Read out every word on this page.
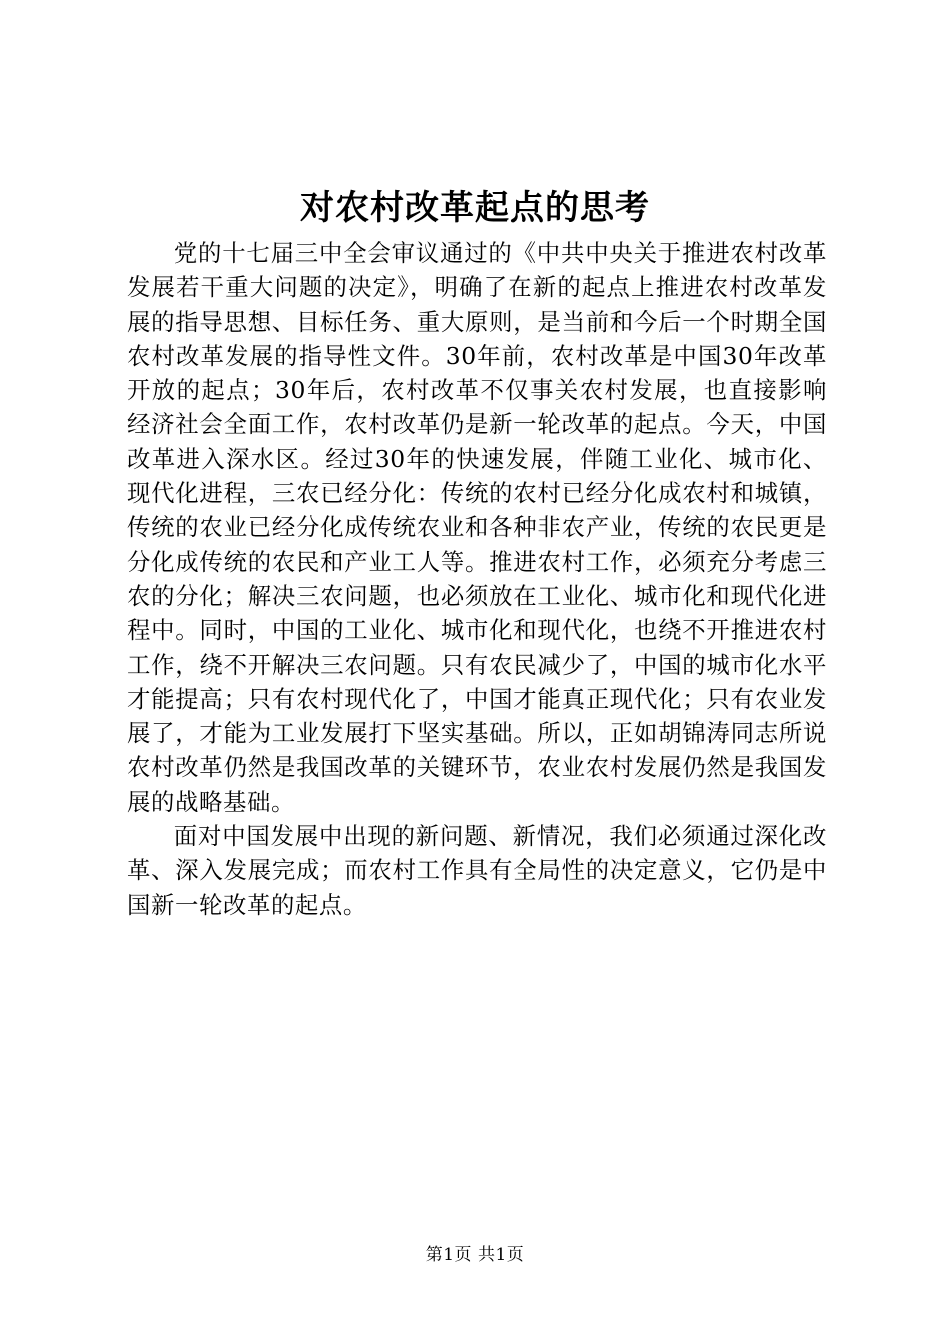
对农村改革起点的思考

党的十七届三中全会审议通过的《中共中央关于推进农村改革发展若干重大问题的决定》，明确了在新的起点上推进农村改革发展的指导思想、目标任务、重大原则，是当前和今后一个时期全国农村改革发展的指导性文件。30年前，农村改革是中国30年改革开放的起点；30年后，农村改革不仅事关农村发展，也直接影响经济社会全面工作，农村改革仍是新一轮改革的起点。今天，中国改革进入深水区。经过30年的快速发展，伴随工业化、城市化、现代化进程，三农已经分化：传统的农村已经分化成农村和城镇，传统的农业已经分化成传统农业和各种非农产业，传统的农民更是分化成传统的农民和产业工人等。推进农村工作，必须充分考虑三农的分化；解决三农问题，也必须放在工业化、城市化和现代化进程中。同时，中国的工业化、城市化和现代化，也绕不开推进农村工作，绕不开解决三农问题。只有农民减少了，中国的城市化水平才能提高；只有农村现代化了，中国才能真正现代化；只有农业发展了，才能为工业发展打下坚实基础。所以，正如胡锦涛同志所说农村改革仍然是我国改革的关键环节，农业农村发展仍然是我国发展的战略基础。

面对中国发展中出现的新问题、新情况，我们必须通过深化改革、深入发展完成；而农村工作具有全局性的决定意义，它仍是中国新一轮改革的起点。

第1页 共1页
